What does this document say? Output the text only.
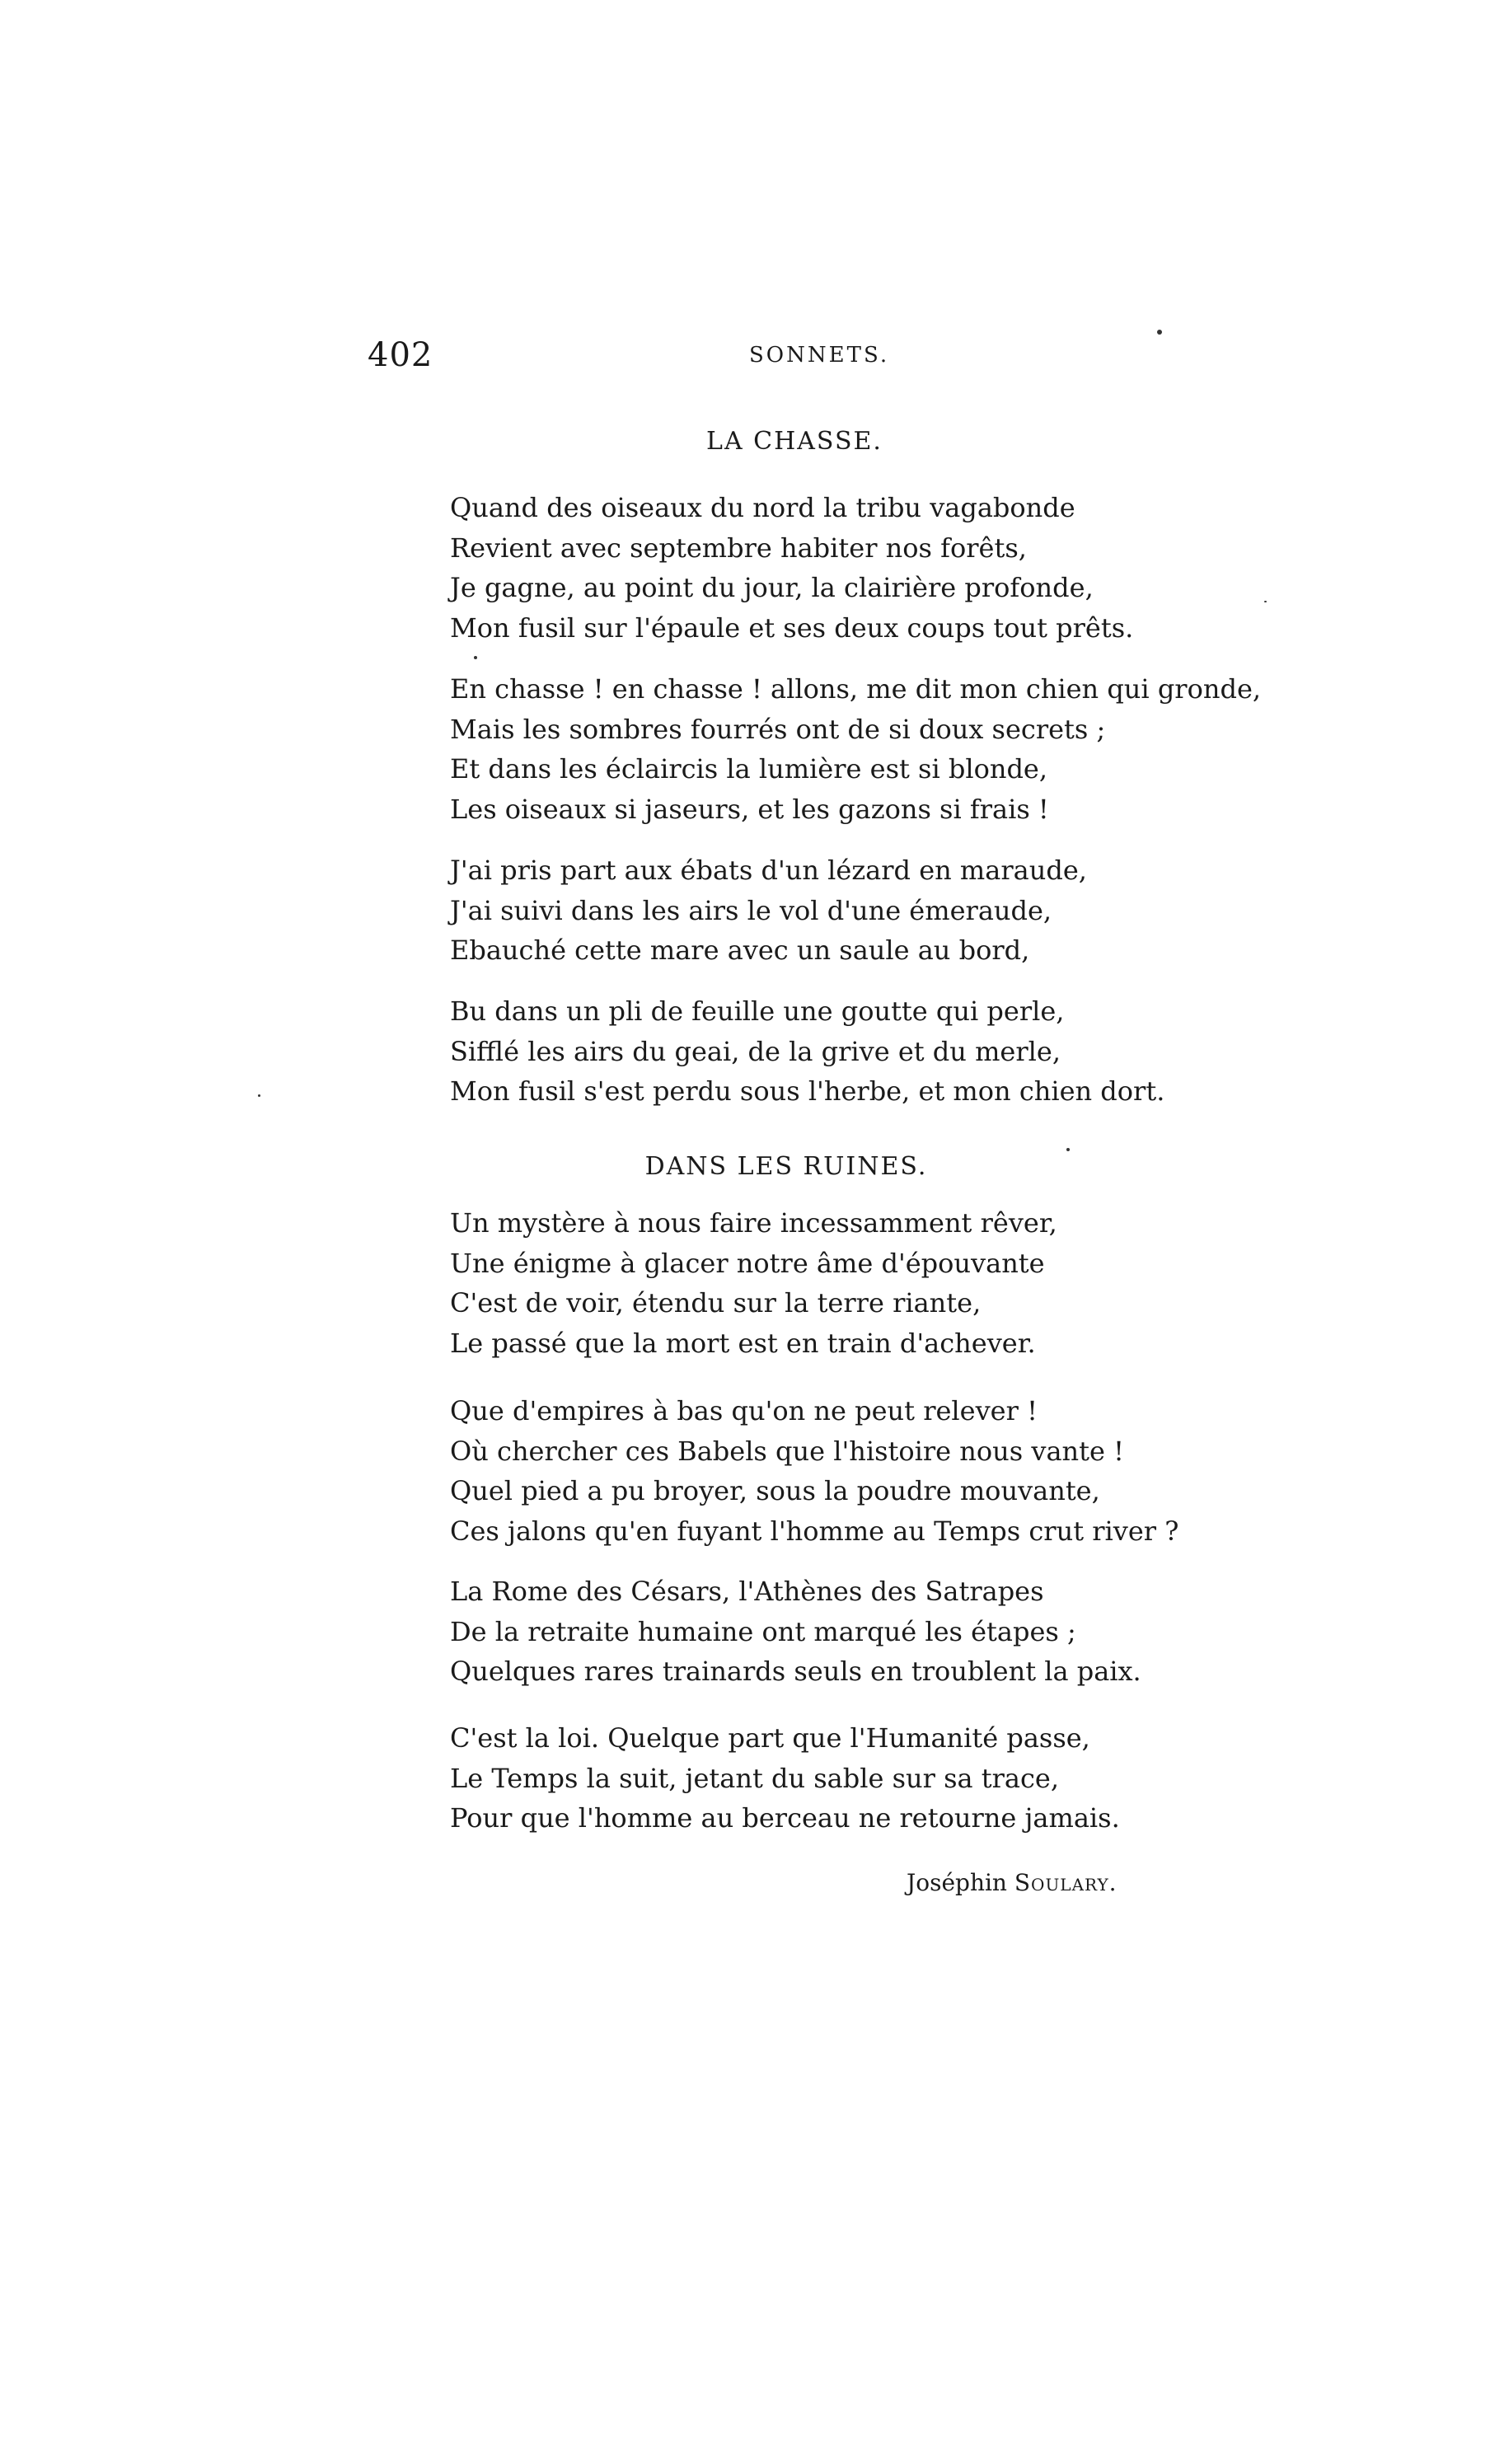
402	SONNETS.
LA CHASSE.
Quand des oiseaux du nord la tribu vagabonde
Revient avec septembre habiter nos forêts,
Je gagne, au point du jour, la clairière profonde,
Mon fusil sur l'épaule et ses deux coups tout prêts.
En chasse ! en chasse ! allons, me dit mon chien qui gronde,
Mais les sombres fourrés ont de si doux secrets ;
Et dans les éclaircis la lumière est si blonde,
Les oiseaux si jaseurs, et les gazons si frais !
J'ai pris part aux ébats d'un lézard en maraude,
J'ai suivi dans les airs le vol d'une émeraude,
Ebauché cette mare avec un saule au bord,
Bu dans un pli de feuille une goutte qui perle,
Sifflé les airs du geai, de la grive et du merle,
Mon fusil s'est perdu sous l'herbe, et mon chien dort.
DANS LES RUINES.
Un mystère à nous faire incessamment rêver,
Une énigme à glacer notre âme d'épouvante
C'est de voir, étendu sur la terre riante,
Le passé que la mort est en train d'achever.
Que d'empires à bas qu'on ne peut relever !
Où chercher ces Babels que l'histoire nous vante !
Quel pied a pu broyer, sous la poudre mouvante,
Ces jalons qu'en fuyant l'homme au Temps crut river ?
La Rome des Césars, l'Athènes des Satrapes
De la retraite humaine ont marqué les étapes ;
Quelques rares trainards seuls en troublent la paix.
C'est la loi. Quelque part que l'Humanité passe,
Le Temps la suit, jetant du sable sur sa trace,
Pour que l'homme au berceau ne retourne jamais.
Joséphin Soulary.
